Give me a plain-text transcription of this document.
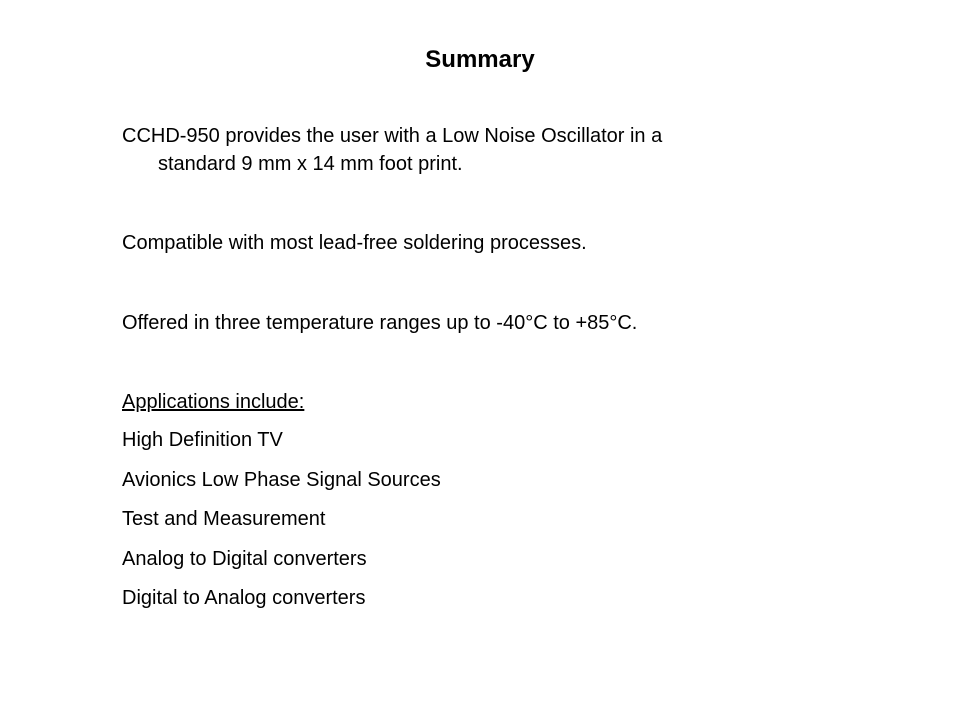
Summary
CCHD-950 provides the user with a Low Noise Oscillator in a
standard 9 mm x 14 mm foot print.
Compatible with most lead-free soldering processes.
Offered in three temperature ranges up to -40°C to +85°C.
Applications include:
High Definition TV
Avionics Low Phase Signal Sources
Test and Measurement
Analog to Digital converters
Digital to Analog converters
